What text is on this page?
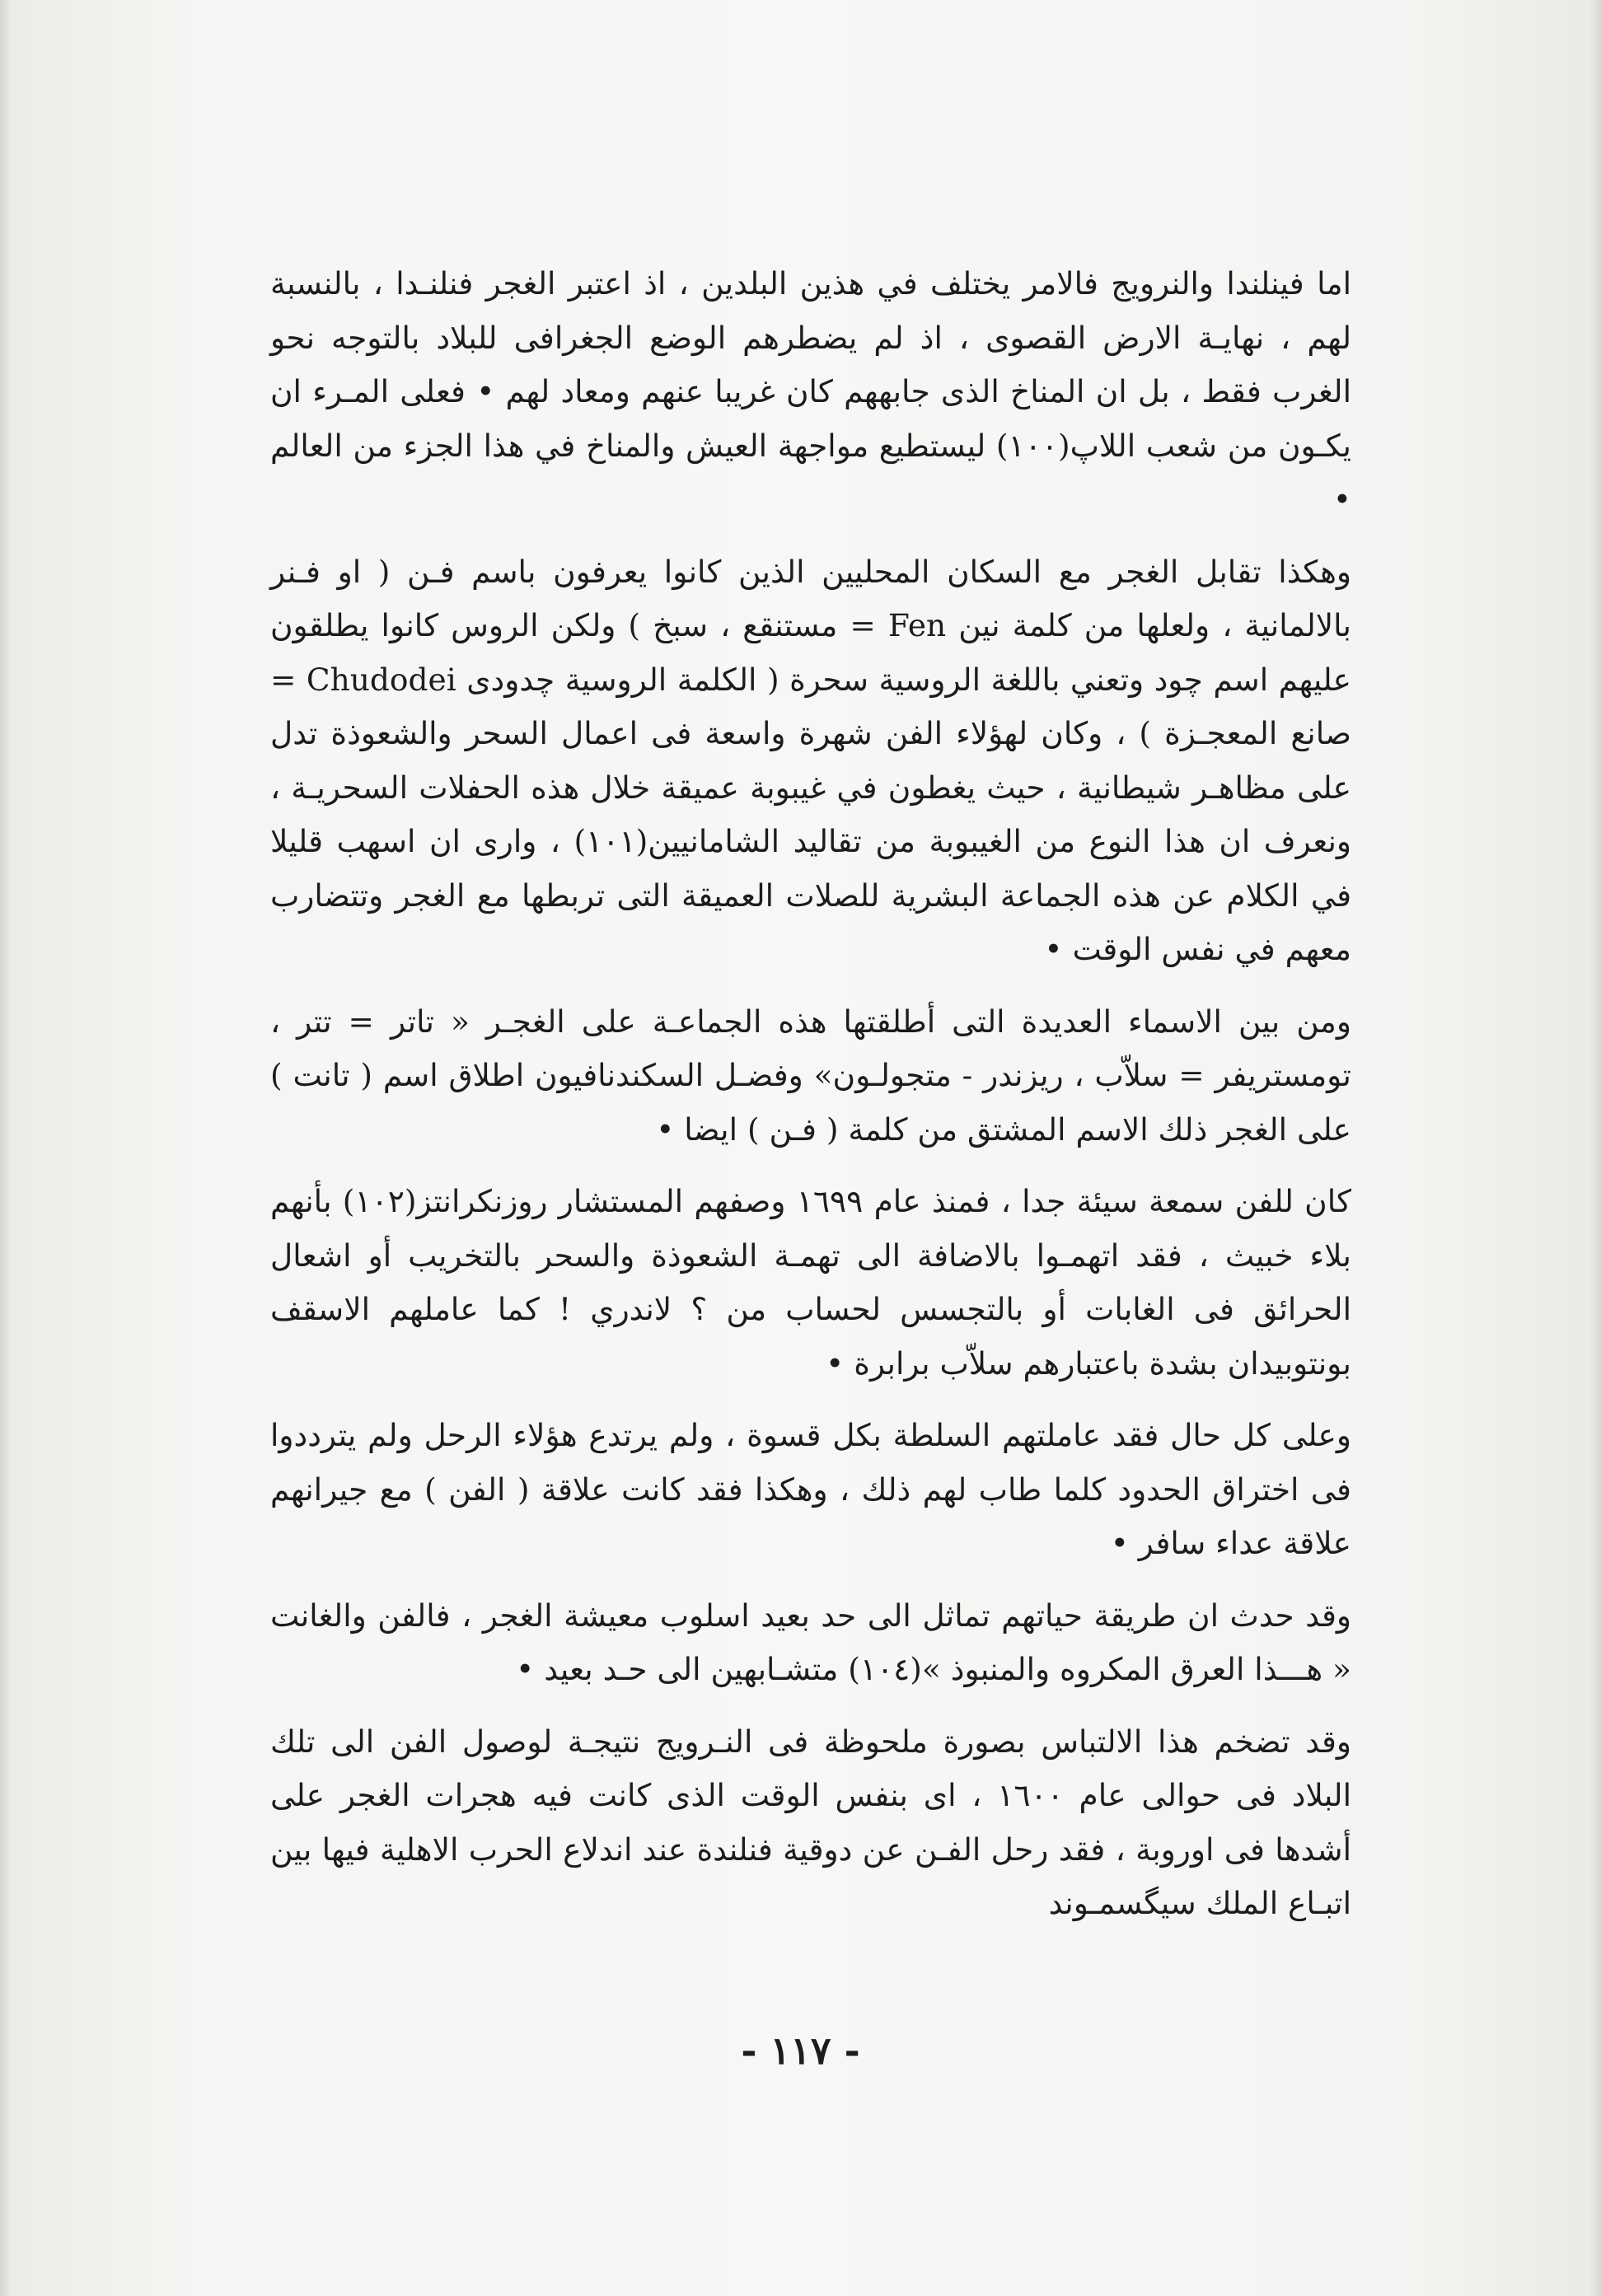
اما فينلندا والنرويج فالامر يختلف في هذين البلدين ، اذ اعتبر الغجر فنلنـدا ، بالنسبة لهم ، نهايـة الارض القصوى ، اذ لم يضطرهم الوضع الجغرافى للبلاد بالتوجه نحو الغرب فقط ، بل ان المناخ الذى جابههم كان غريبا عنهم ومعاد لهم • فعلى المـرء ان يكـون من شعب اللاپ(١٠٠) ليستطيع مواجهة العيش والمناخ في هذا الجزء من العالم •

وهكذا تقابل الغجر مع السكان المحليين الذين كانوا يعرفون باسم فـن ( او فـنر بالالمانية ، ولعلها من كلمة نين Fen = مستنقع ، سبخ ) ولكن الروس كانوا يطلقون عليهم اسم چود وتعني باللغة الروسية سحرة ( الكلمة الروسية چدودى Chudodei = صانع المعجـزة ) ، وكان لهؤلاء الفن شهرة واسعة فى اعمال السحر والشعوذة تدل على مظاهـر شيطانية ، حيث يغطون في غيبوبة عميقة خلال هذه الحفلات السحريـة ، ونعرف ان هذا النوع من الغيبوبة من تقاليد الشامانيين(١٠١) ، وارى ان اسهب قليلا في الكلام عن هذه الجماعة البشرية للصلات العميقة التى تربطها مع الغجر وتتضارب معهم في نفس الوقت •

ومن بين الاسماء العديدة التى أطلقتها هذه الجماعـة على الغجـر « تاتر = تتر ، تومستريفر = سلاّب ، ريزندر - متجولـون» وفضـل السكندنافيون اطلاق اسم ( تانت ) على الغجر ذلك الاسم المشتق من كلمة ( فـن ) ايضا •

كان للفن سمعة سيئة جدا ، فمنذ عام ١٦٩٩ وصفهم المستشار روزنكرانتز(١٠٢) بأنهم بلاء خبيث ، فقد اتهمـوا بالاضافة الى تهمـة الشعوذة والسحر بالتخريب أو اشعال الحرائق فى الغابات أو بالتجسس لحساب من ؟ لاندري ! كما عاملهم الاسقف بونتوبيدان بشدة باعتبارهم سلاّب برابرة •

وعلى كل حال فقد عاملتهم السلطة بكل قسوة ، ولم يرتدع هؤلاء الرحل ولم يترددوا فى اختراق الحدود كلما طاب لهم ذلك ، وهكذا فقد كانت علاقة ( الفن ) مع جيرانهم علاقة عداء سافر •

وقد حدث ان طريقة حياتهم تماثل الى حد بعيد اسلوب معيشة الغجر ، فالفن والغانت « هـــذا العرق المكروه والمنبوذ »(١٠٤) متشـابهين الى حـد بعيد •

وقد تضخم هذا الالتباس بصورة ملحوظة فى النـرويج نتيجـة لوصول الفن الى تلك البلاد فى حوالى عام ١٦٠٠ ، اى بنفس الوقت الذى كانت فيه هجرات الغجر على أشدها فى اوروبة ، فقد رحل الفـن عن دوقية فنلندة عند اندلاع الحرب الاهلية فيها بين اتبـاع الملك سيگسمـوند

- ١١٧ -
